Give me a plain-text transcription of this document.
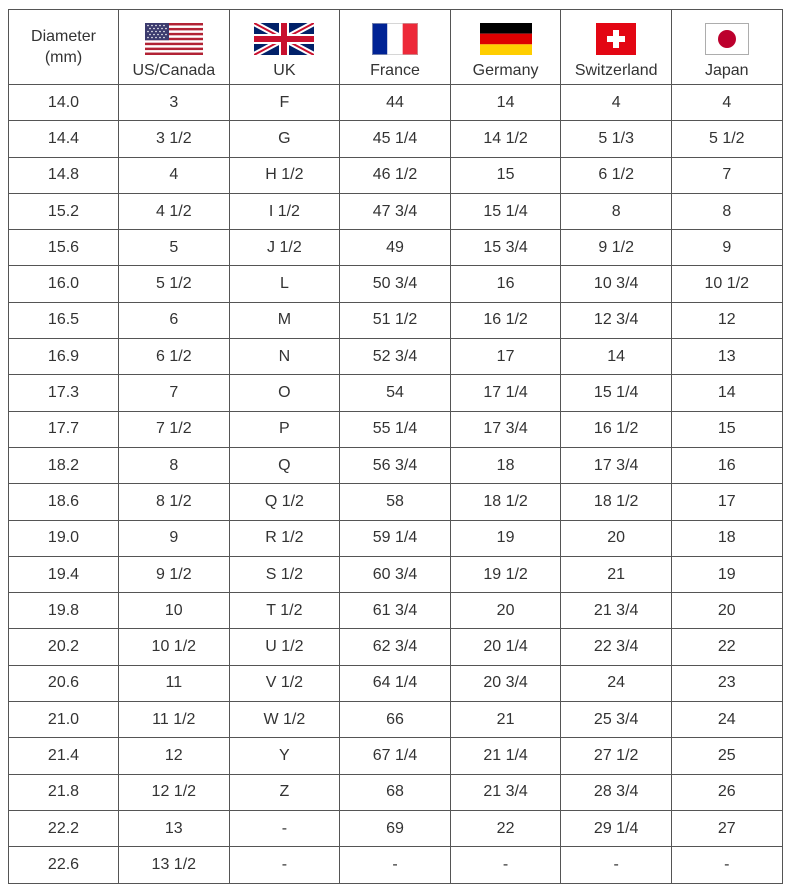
Diameter
(mm)	US/Canada	UK	France	Germany	Switzerland	Japan
14.0	3	F	44	14	4	4
14.4	3 1/2	G	45 1/4	14 1/2	5 1/3	5 1/2
14.8	4	H 1/2	46 1/2	15	6 1/2	7
15.2	4 1/2	I 1/2	47 3/4	15 1/4	8	8
15.6	5	J 1/2	49	15 3/4	9 1/2	9
16.0	5 1/2	L	50 3/4	16	10 3/4	10 1/2
16.5	6	M	51 1/2	16 1/2	12 3/4	12
16.9	6 1/2	N	52 3/4	17	14	13
17.3	7	O	54	17 1/4	15 1/4	14
17.7	7 1/2	P	55 1/4	17 3/4	16 1/2	15
18.2	8	Q	56 3/4	18	17 3/4	16
18.6	8 1/2	Q 1/2	58	18 1/2	18 1/2	17
19.0	9	R 1/2	59 1/4	19	20	18
19.4	9 1/2	S 1/2	60 3/4	19 1/2	21	19
19.8	10	T 1/2	61 3/4	20	21 3/4	20
20.2	10 1/2	U 1/2	62 3/4	20 1/4	22 3/4	22
20.6	11	V 1/2	64 1/4	20 3/4	24	23
21.0	11 1/2	W 1/2	66	21	25 3/4	24
21.4	12	Y	67 1/4	21 1/4	27 1/2	25
21.8	12 1/2	Z	68	21 3/4	28 3/4	26
22.2	13	-	69	22	29 1/4	27
22.6	13 1/2	-	-	-	-	-
